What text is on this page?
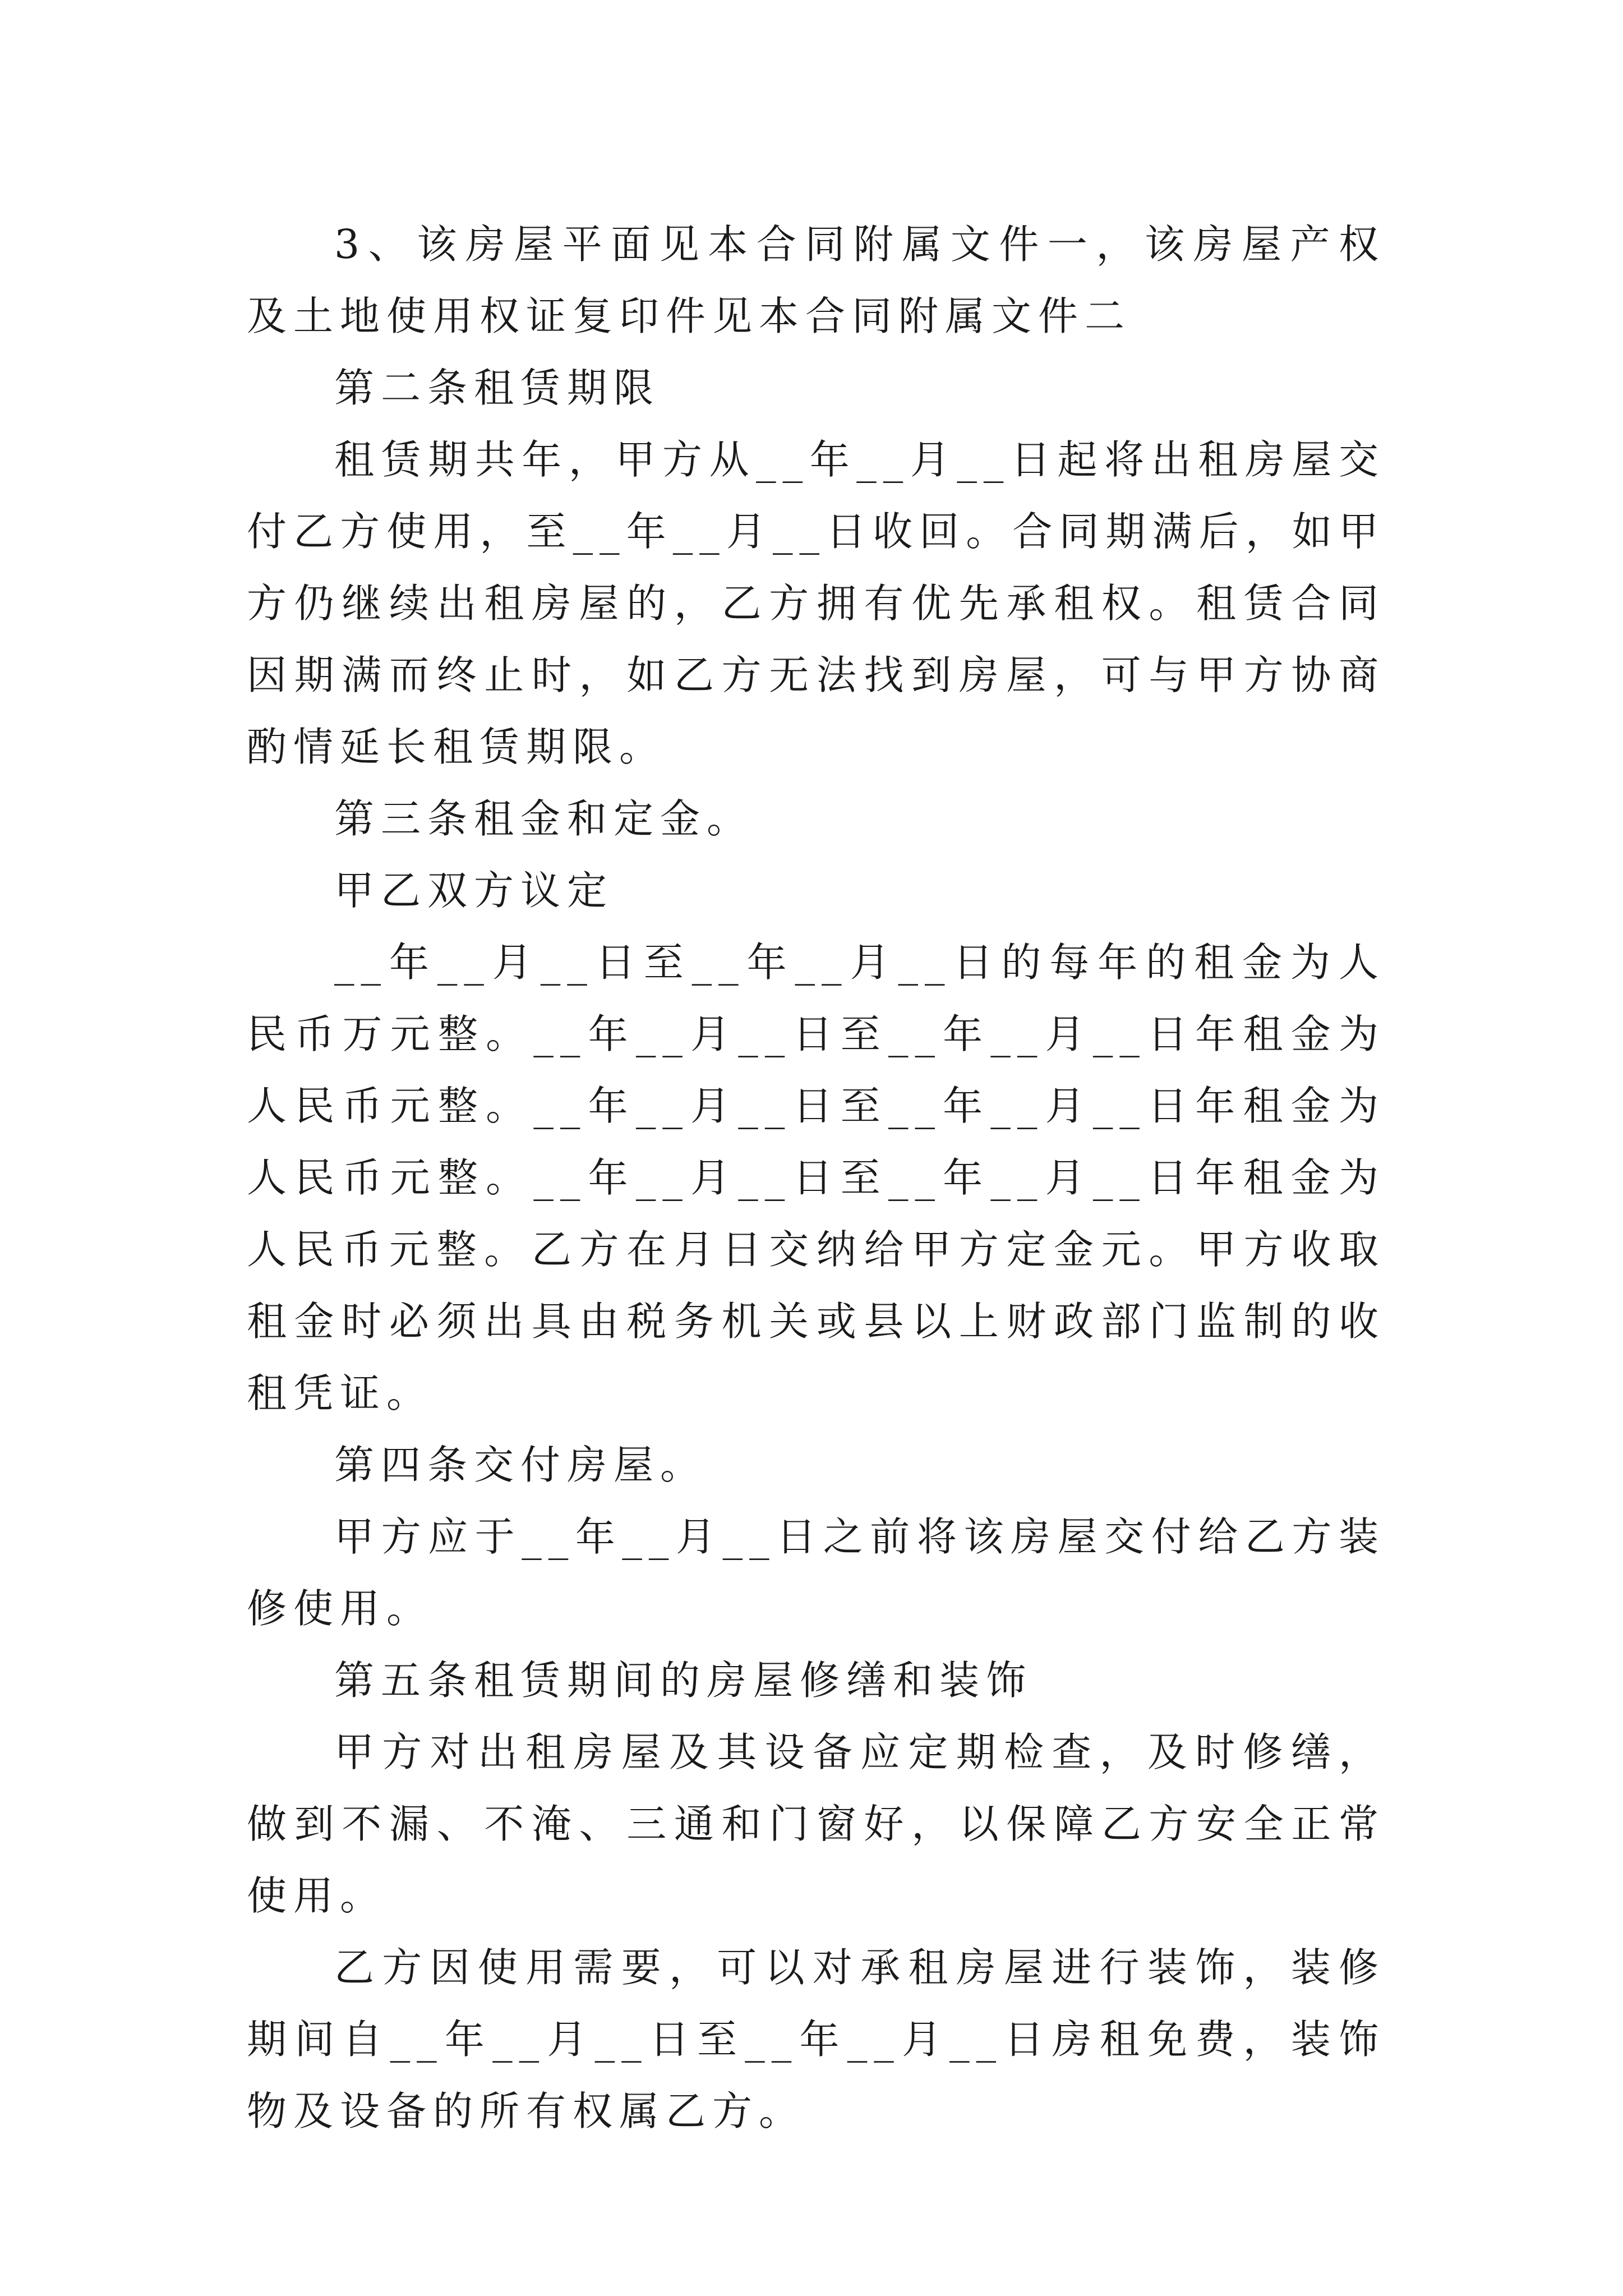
3、该房屋平面见本合同附属文件一，该房屋产权及土地使用权证复印件见本合同附属文件二

第二条租赁期限

租赁期共年，甲方从__年__月__日起将出租房屋交付乙方使用，至__年__月__日收回。合同期满后，如甲方仍继续出租房屋的，乙方拥有优先承租权。租赁合同因期满而终止时，如乙方无法找到房屋，可与甲方协商酌情延长租赁期限。

第三条租金和定金。

甲乙双方议定

__年__月__日至__年__月__日的每年的租金为人民币万元整。__年__月__日至__年__月__日年租金为人民币元整。__年__月__日至__年__月__日年租金为人民币元整。__年__月__日至__年__月__日年租金为人民币元整。乙方在月日交纳给甲方定金元。甲方收取租金时必须出具由税务机关或县以上财政部门监制的收租凭证。

第四条交付房屋。

甲方应于__年__月__日之前将该房屋交付给乙方装修使用。

第五条租赁期间的房屋修缮和装饰

甲方对出租房屋及其设备应定期检查，及时修缮，做到不漏、不淹、三通和门窗好，以保障乙方安全正常使用。

乙方因使用需要，可以对承租房屋进行装饰，装修期间自__年__月__日至__年__月__日房租免费，装饰物及设备的所有权属乙方。
